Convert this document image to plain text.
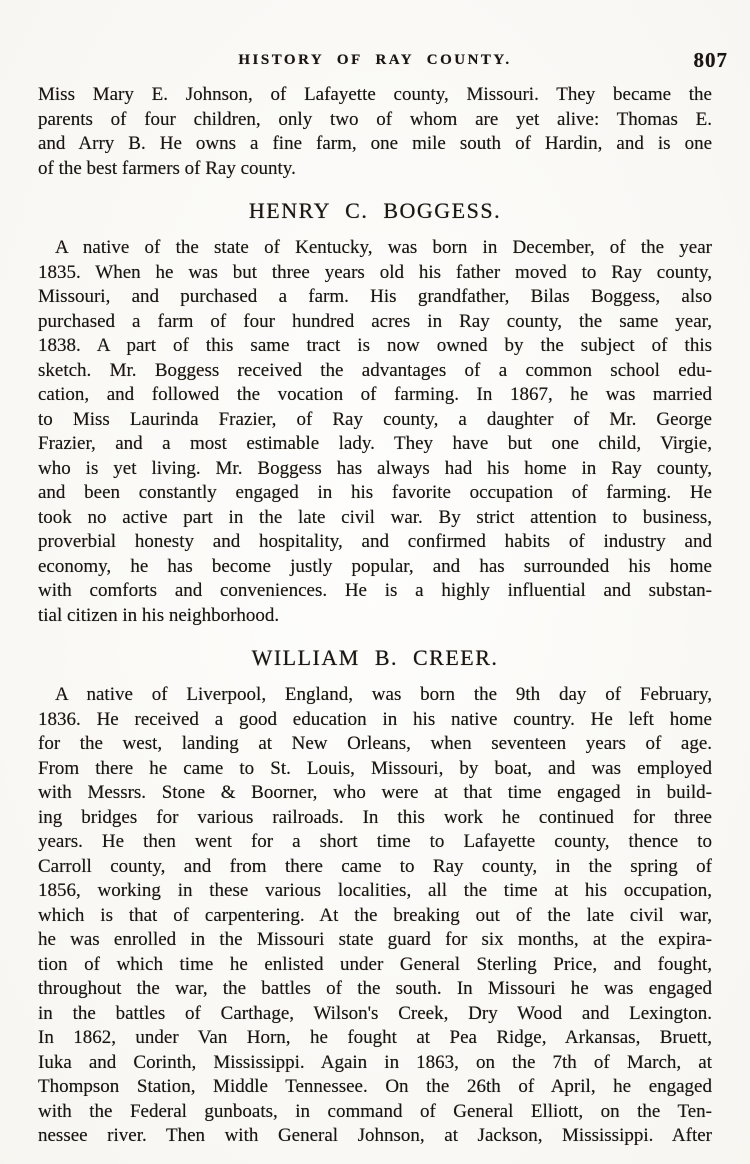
HISTORY OF RAY COUNTY.	807
Miss Mary E. Johnson, of Lafayette county, Missouri. They became the
parents of four children, only two of whom are yet alive: Thomas E.
and Arry B. He owns a fine farm, one mile south of Hardin, and is one
of the best farmers of Ray county.
HENRY C. BOGGESS.
A native of the state of Kentucky, was born in December, of the year
1835. When he was but three years old his father moved to Ray county,
Missouri, and purchased a farm. His grandfather, Bilas Boggess, also
purchased a farm of four hundred acres in Ray county, the same year,
1838. A part of this same tract is now owned by the subject of this
sketch. Mr. Boggess received the advantages of a common school edu-
cation, and followed the vocation of farming. In 1867, he was married
to Miss Laurinda Frazier, of Ray county, a daughter of Mr. George
Frazier, and a most estimable lady. They have but one child, Virgie,
who is yet living. Mr. Boggess has always had his home in Ray county,
and been constantly engaged in his favorite occupation of farming. He
took no active part in the late civil war. By strict attention to business,
proverbial honesty and hospitality, and confirmed habits of industry and
economy, he has become justly popular, and has surrounded his home
with comforts and conveniences. He is a highly influential and substan-
tial citizen in his neighborhood.
WILLIAM B. CREER.
A native of Liverpool, England, was born the 9th day of February,
1836. He received a good education in his native country. He left home
for the west, landing at New Orleans, when seventeen years of age.
From there he came to St. Louis, Missouri, by boat, and was employed
with Messrs. Stone & Boorner, who were at that time engaged in build-
ing bridges for various railroads. In this work he continued for three
years. He then went for a short time to Lafayette county, thence to
Carroll county, and from there came to Ray county, in the spring of
1856, working in these various localities, all the time at his occupation,
which is that of carpentering. At the breaking out of the late civil war,
he was enrolled in the Missouri state guard for six months, at the expira-
tion of which time he enlisted under General Sterling Price, and fought,
throughout the war, the battles of the south. In Missouri he was engaged
in the battles of Carthage, Wilson's Creek, Dry Wood and Lexington.
In 1862, under Van Horn, he fought at Pea Ridge, Arkansas, Bruett,
Iuka and Corinth, Mississippi. Again in 1863, on the 7th of March, at
Thompson Station, Middle Tennessee. On the 26th of April, he engaged
with the Federal gunboats, in command of General Elliott, on the Ten-
nessee river. Then with General Johnson, at Jackson, Mississippi. After
